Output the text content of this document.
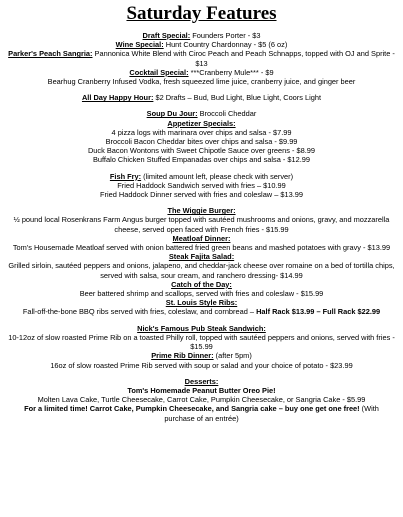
Saturday Features
Draft Special: Founders Porter - $3
Wine Special: Hunt Country Chardonnay - $5 (6 oz)
Parker's Peach Sangria: Pannonica White Blend with Ciroc Peach and Peach Schnapps, topped with OJ and Sprite - $13
Cocktail Special: ***Cranberry Mule*** - $9
Bearhug Cranberry Infused Vodka, fresh squeezed lime juice, cranberry juice, and ginger beer
All Day Happy Hour: $2 Drafts – Bud, Bud Light, Blue Light, Coors Light
Soup Du Jour: Broccoli Cheddar
Appetizer Specials:
4 pizza logs with marinara over chips and salsa - $7.99
Broccoli Bacon Cheddar bites over chips and salsa - $9.99
Duck Bacon Wontons with Sweet Chipotle Sauce over greens - $8.99
Buffalo Chicken Stuffed Empanadas over chips and salsa - $12.99
Fish Fry: (limited amount left, please check with server)
Fried Haddock Sandwich served with fries – $10.99
Fried Haddock Dinner served with fries and coleslaw – $13.99
The Wiggie Burger:
½ pound local Rosenkrans Farm Angus burger topped with sautéed mushrooms and onions, gravy, and mozzarella cheese, served open faced with French fries - $15.99
Meatloaf Dinner:
Tom's Housemade Meatloaf served with onion battered fried green beans and mashed potatoes with gravy - $13.99
Steak Fajita Salad:
Grilled sirloin, sautéed peppers and onions, jalapeno, and cheddar-jack cheese over romaine on a bed of tortilla chips, served with salsa, sour cream, and ranchero dressing- $14.99
Catch of the Day:
Beer battered shrimp and scallops, served with fries and coleslaw - $15.99
St. Louis Style Ribs:
Fall-off-the-bone BBQ ribs served with fries, coleslaw, and cornbread – Half Rack $13.99 – Full Rack $22.99
Nick's Famous Pub Steak Sandwich:
10-12oz of slow roasted Prime Rib on a toasted Philly roll, topped with sautéed peppers and onions, served with fries - $15.99
Prime Rib Dinner: (after 5pm)
16oz of slow roasted Prime Rib served with soup or salad and your choice of potato - $23.99
Desserts:
Tom's Homemade Peanut Butter Oreo Pie!
Molten Lava Cake, Turtle Cheesecake, Carrot Cake, Pumpkin Cheesecake, or Sangria Cake - $5.99
For a limited time! Carrot Cake, Pumpkin Cheesecake, and Sangria cake – buy one get one free! (With purchase of an entrée)
